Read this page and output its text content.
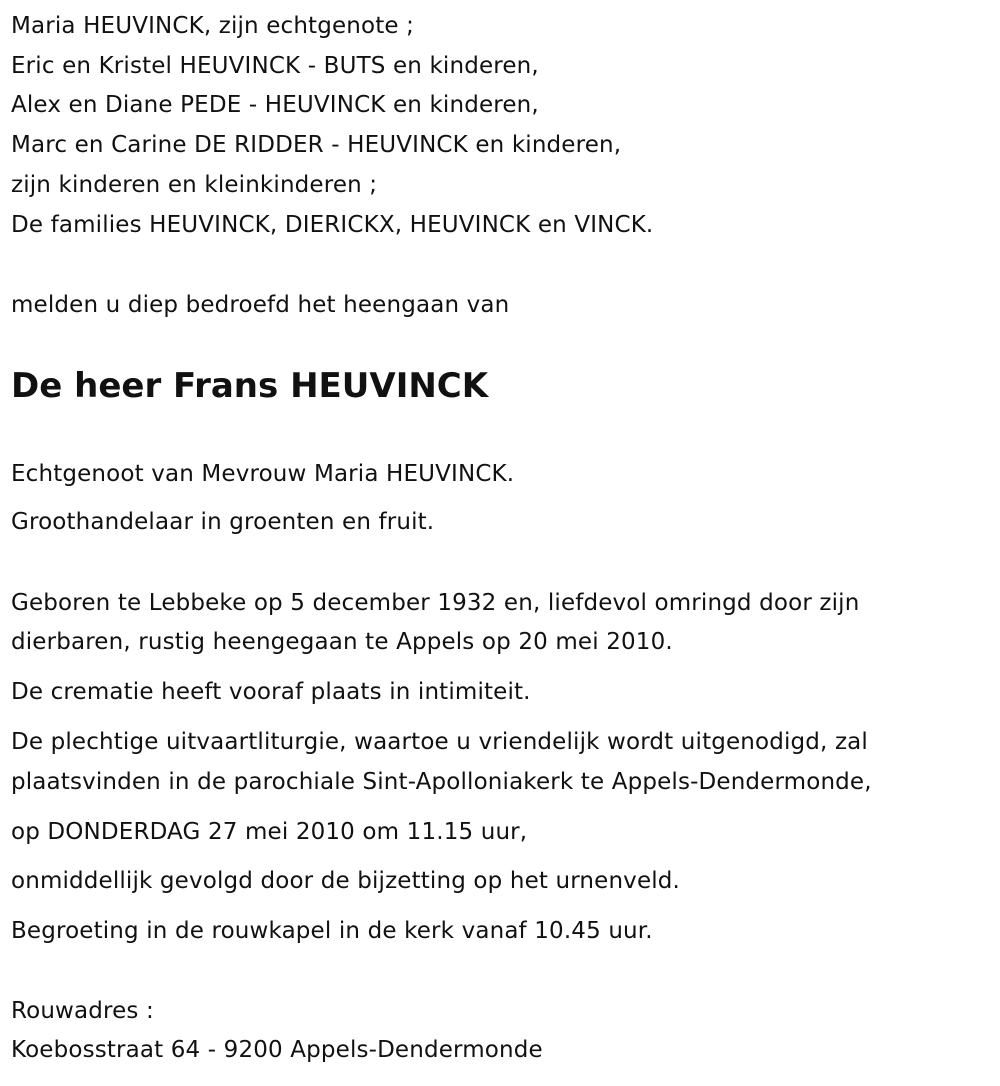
Maria HEUVINCK, zijn echtgenote ;

Eric en Kristel HEUVINCK - BUTS en kinderen,

Alex en Diane PEDE - HEUVINCK en kinderen,

Marc en Carine DE RIDDER - HEUVINCK en kinderen,

zijn kinderen en kleinkinderen ;

De families HEUVINCK, DIERICKX, HEUVINCK en VINCK.

melden u diep bedroefd het heengaan van

De heer Frans HEUVINCK

Echtgenoot van Mevrouw Maria HEUVINCK.

Groothandelaar in groenten en fruit.

Geboren te Lebbeke op 5 december 1932 en, liefdevol omringd door zijn

dierbaren, rustig heengegaan te Appels op 20 mei 2010.

De crematie heeft vooraf plaats in intimiteit.

De plechtige uitvaartliturgie, waartoe u vriendelijk wordt uitgenodigd, zal

plaatsvinden in de parochiale Sint-Apolloniakerk te Appels-Dendermonde,

op DONDERDAG 27 mei 2010 om 11.15 uur,

onmiddellijk gevolgd door de bijzetting op het urnenveld.

Begroeting in de rouwkapel in de kerk vanaf 10.45 uur.

Rouwadres :

Koebosstraat 64 - 9200 Appels-Dendermonde
